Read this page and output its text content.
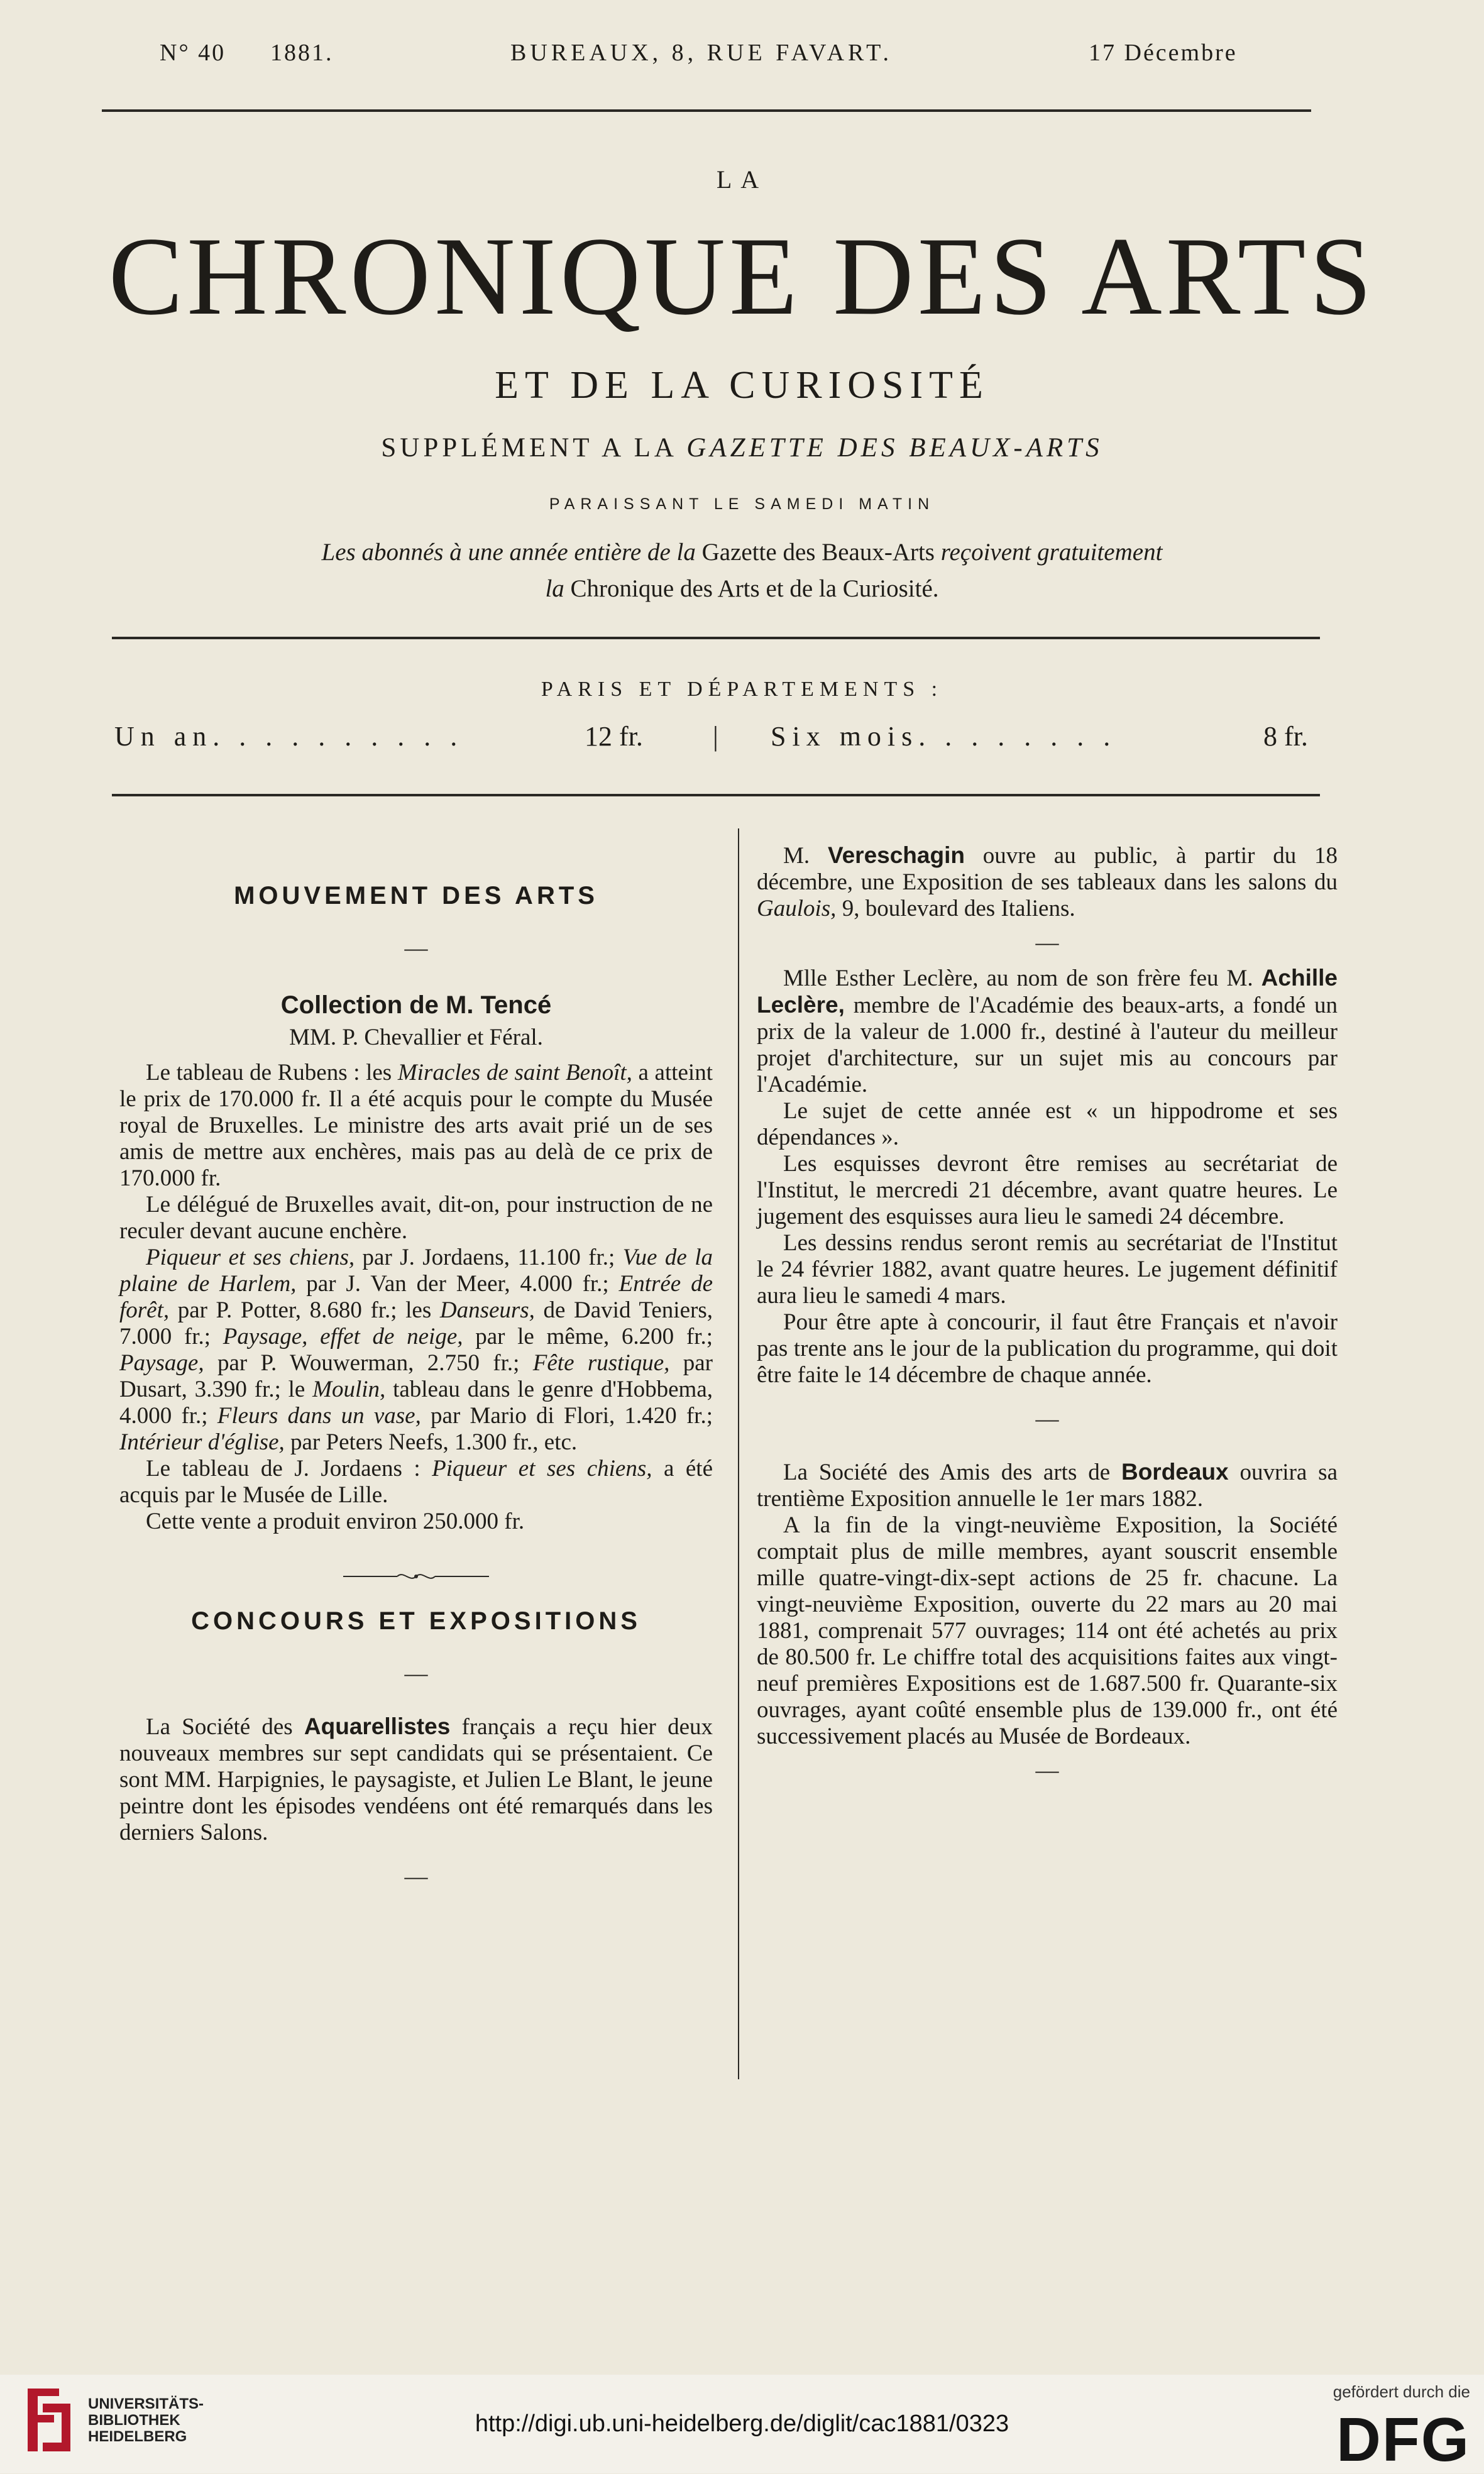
N° 40 1881.	BUREAUX, 8, RUE FAVART.	17 Décembre
LA
CHRONIQUE DES ARTS
ET DE LA CURIOSITÉ
SUPPLÉMENT A LA GAZETTE DES BEAUX-ARTS
PARAISSANT LE SAMEDI MATIN
Les abonnés à une année entière de la Gazette des Beaux-Arts reçoivent gratuitement
la Chronique des Arts et de la Curiosité.
PARIS ET DÉPARTEMENTS :
Un an. . . . . . . . . .	12 fr.	| Six mois. . . . . . . .	8 fr.
MOUVEMENT DES ARTS

—

Collection de M. Tencé

MM. P. Chevallier et Féral.

Le tableau de Rubens : les Miracles de saint Benoît, a atteint le prix de 170.000 fr. Il a été acquis pour le compte du Musée royal de Bruxelles. Le ministre des arts avait prié un de ses amis de mettre aux enchères, mais pas au delà de ce prix de 170.000 fr.

Le délégué de Bruxelles avait, dit-on, pour instruction de ne reculer devant aucune enchère.

Piqueur et ses chiens, par J. Jordaens, 11.100 fr.; Vue de la plaine de Harlem, par J. Van der Meer, 4.000 fr.; Entrée de forêt, par P. Potter, 8.680 fr.; les Danseurs, de David Teniers, 7.000 fr.; Paysage, effet de neige, par le même, 6.200 fr.; Paysage, par P. Wouwerman, 2.750 fr.; Fête rustique, par Dusart, 3.390 fr.; le Moulin, tableau dans le genre d'Hobbema, 4.000 fr.; Fleurs dans un vase, par Mario di Flori, 1.420 fr.; Intérieur d'église, par Peters Neefs, 1.300 fr., etc.

Le tableau de J. Jordaens : Piqueur et ses chiens, a été acquis par le Musée de Lille.

Cette vente a produit environ 250.000 fr.

CONCOURS ET EXPOSITIONS

—

La Société des Aquarellistes français a reçu hier deux nouveaux membres sur sept candidats qui se présentaient. Ce sont MM. Harpignies, le paysagiste, et Julien Le Blant, le jeune peintre dont les épisodes vendéens ont été remarqués dans les derniers Salons.

—

M. Vereschagin ouvre au public, à partir du 18 décembre, une Exposition de ses tableaux dans les salons du Gaulois, 9, boulevard des Italiens.

—

Mlle Esther Leclère, au nom de son frère feu M. Achille Leclère, membre de l'Académie des beaux-arts, a fondé un prix de la valeur de 1.000 fr., destiné à l'auteur du meilleur projet d'architecture, sur un sujet mis au concours par l'Académie.

Le sujet de cette année est « un hippodrome et ses dépendances ».

Les esquisses devront être remises au secrétariat de l'Institut, le mercredi 21 décembre, avant quatre heures. Le jugement des esquisses aura lieu le samedi 24 décembre.

Les dessins rendus seront remis au secrétariat de l'Institut le 24 février 1882, avant quatre heures. Le jugement définitif aura lieu le samedi 4 mars.

Pour être apte à concourir, il faut être Français et n'avoir pas trente ans le jour de la publication du programme, qui doit être faite le 14 décembre de chaque année.

—

La Société des Amis des arts de Bordeaux ouvrira sa trentième Exposition annuelle le 1er mars 1882.

A la fin de la vingt-neuvième Exposition, la Société comptait plus de mille membres, ayant souscrit ensemble mille quatre-vingt-dix-sept actions de 25 fr. chacune. La vingt-neuvième Exposition, ouverte du 22 mars au 20 mai 1881, comprenait 577 ouvrages; 114 ont été achetés au prix de 80.500 fr. Le chiffre total des acquisitions faites aux vingt-neuf premières Expositions est de 1.687.500 fr. Quarante-six ouvrages, ayant coûté ensemble plus de 139.000 fr., ont été successivement placés au Musée de Bordeaux.

—

UNIVERSITÄTS-
BIBLIOTHEK
HEIDELBERG	http://digi.ub.uni-heidelberg.de/diglit/cac1881/0323
gefördert durch die
DFG
